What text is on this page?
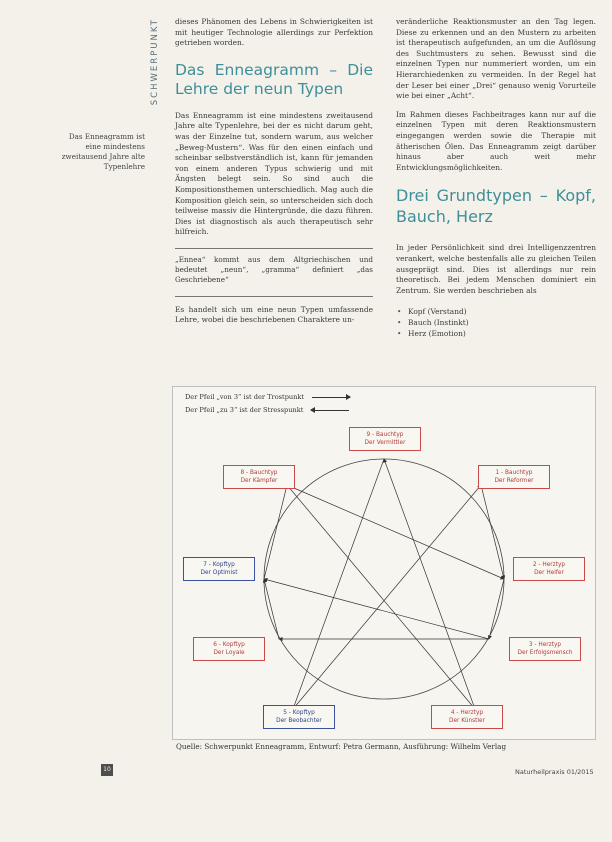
SCHWERPUNKT
Das Enneagramm ist eine mindestens zweitausend Jahre alte Typenlehre

dieses Phänomen des Lebens in Schwierigkeiten ist mit heutiger Technologie allerdings zur Perfektion getrieben worden.

Das Enneagramm – Die Lehre der neun Typen

Das Enneagramm ist eine mindestens zweitausend Jahre alte Typenlehre, bei der es nicht darum geht, was der Einzelne tut, sondern warum, aus welcher „Beweg-Mustern“. Was für den einen einfach und scheinbar selbstverständlich ist, kann für jemanden von einem anderen Typus schwierig und mit Ängsten belegt sein. So sind auch die Kompositionsthemen unterschiedlich. Mag auch die Komposition gleich sein, so unterscheiden sich doch teilweise massiv die Hintergründe, die dazu führen. Dies ist diagnostisch als auch therapeutisch sehr hilfreich.

„Ennea“ kommt aus dem Altgriechischen und bedeutet „neun“, „gramma“ definiert „das Geschriebene“

Es handelt sich um eine neun Typen umfassende Lehre, wobei die beschriebenen Charaktere un-

veränderliche Reaktionsmuster an den Tag legen. Diese zu erkennen und an den Mustern zu arbeiten ist therapeutisch aufgefunden, an um die Auflösung des Suchtmusters zu sehen. Bewusst sind die einzelnen Typen nur nummeriert worden, um ein Hierarchiedenken zu vermeiden. In der Regel hat der Leser bei einer „Drei“ genauso wenig Vorurteile wie bei einer „Acht“.

Im Rahmen dieses Fachbeitrages kann nur auf die einzelnen Typen mit deren Reaktionsmustern eingegangen werden sowie die Therapie mit ätherischen Ölen. Das Enneagramm zeigt darüber hinaus aber auch weit mehr Entwicklungsmöglichkeiten.

Drei Grundtypen – Kopf, Bauch, Herz

In jeder Persönlichkeit sind drei Intelligenzzentren verankert, welche bestenfalls alle zu gleichen Teilen ausgeprägt sind. Dies ist allerdings nur rein theoretisch. Bei jedem Menschen dominiert ein Zentrum. Sie werden beschrieben als

• Kopf (Verstand)
• Bauch (Instinkt)
• Herz (Emotion)
Der Pfeil „von 3“ ist der Trostpunkt
Der Pfeil „zu 3“ ist der Stresspunkt
9 - Bauchtyp
Der Vermittler
1 - Bauchtyp
Der Reformer
2 - Herztyp
Der Helfer
3 - Herztyp
Der Erfolgsmensch
4 - Herztyp
Der Künstler
5 - Kopftyp
Der Beobachter
6 - Kopftyp
Der Loyale
7 - Kopftyp
Der Optimist
8 - Bauchtyp
Der Kämpfer
Quelle: Schwerpunkt Enneagramm, Entwurf: Petra Germann, Ausführung: Wilhelm Verlag
10	Naturheilpraxis 01/2015
